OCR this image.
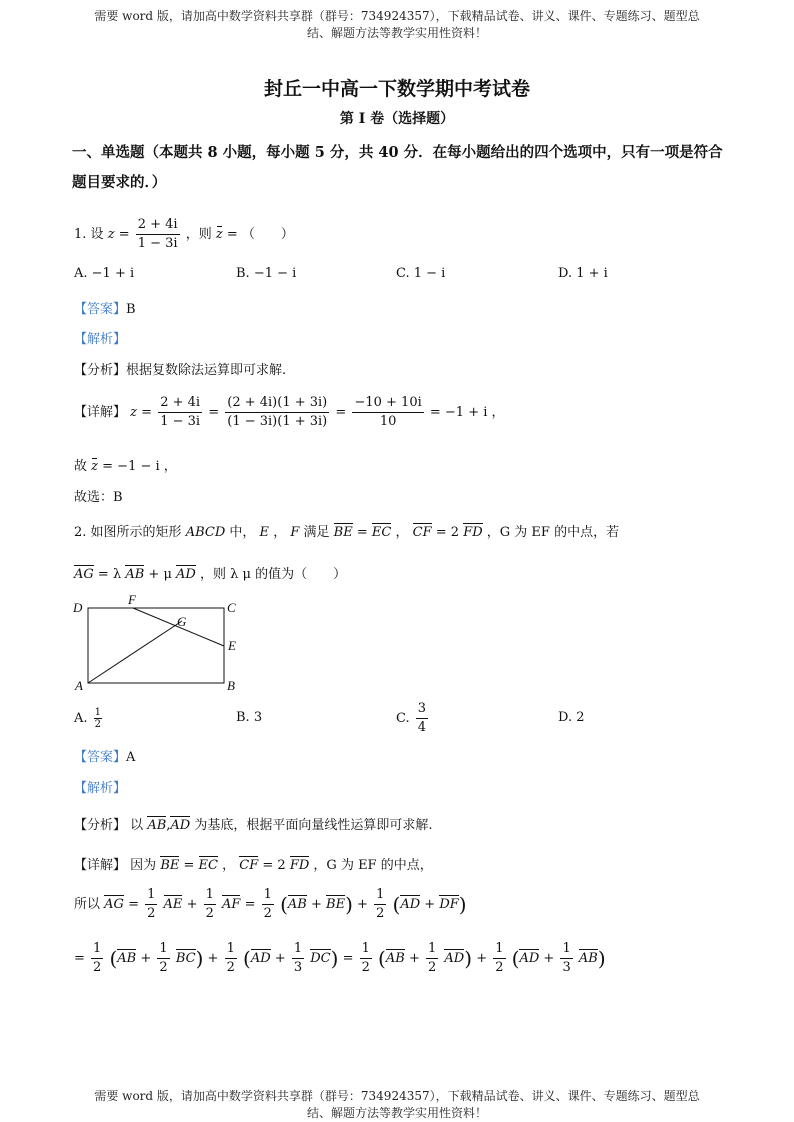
需要 word 版，请加高中数学资料共享群（群号：734924357），下载精品试卷、讲义、课件、专题练习、题型总
结、解题方法等教学实用性资料！
封丘一中高一下数学期中考试卷
第 I 卷（选择题）
一、单选题（本题共 8 小题，每小题 5 分，共 40 分．在每小题给出的四个选项中，只有一项是符合题目要求的．）
1. 设 $z = \frac{2 + 4i}{1 - 3i}$ ，则 z = （　　）
A. −1 + i	B. −1 − i	C. 1 − i	D. 1 + i
【答案】B
【解析】
【分析】根据复数除法运算即可求解.
【详解】 $z = \frac{2 + 4i}{1 - 3i} = \frac{(2 + 4i)(1 + 3i)}{(1 - 3i)(1 + 3i)} = \frac{-10 + 10i}{10} = -1 + i$ ，
故 z = −1 − i ，
故选：B
2. 如图所示的矩形 ABCD 中， E ， F 满足 BE = EC ， CF = 2 FD ，G 为 EF 的中点，若
AG = λ AB + μ AD ，则 λ μ 的值为（　　）
D
F
C
G
E
A	B
A. $\frac{1}{2}$	B. 3	C. $\frac{3}{4}$	D. 2
【答案】A
【解析】
【分析】 以 AB,AD 为基底，根据平面向量线性运算即可求解.
【详解】 因为 BE = EC ， CF = 2 FD ，G 为 EF 的中点，
所以 AG = $\frac{1}{2}$ AE + $\frac{1}{2}$ AF = $\frac{1}{2} (AB + BE) + \frac{1}{2} (AD + DF)$
= $\frac{1}{2} (AB + \frac{1}{2} BC) + \frac{1}{2} (AD + \frac{1}{3} DC) = \frac{1}{2} (AB + \frac{1}{2} AD) + \frac{1}{2} (AD + \frac{1}{3} AB)$
需要 word 版，请加高中数学资料共享群（群号：734924357），下载精品试卷、讲义、课件、专题练习、题型总
结、解题方法等教学实用性资料！
